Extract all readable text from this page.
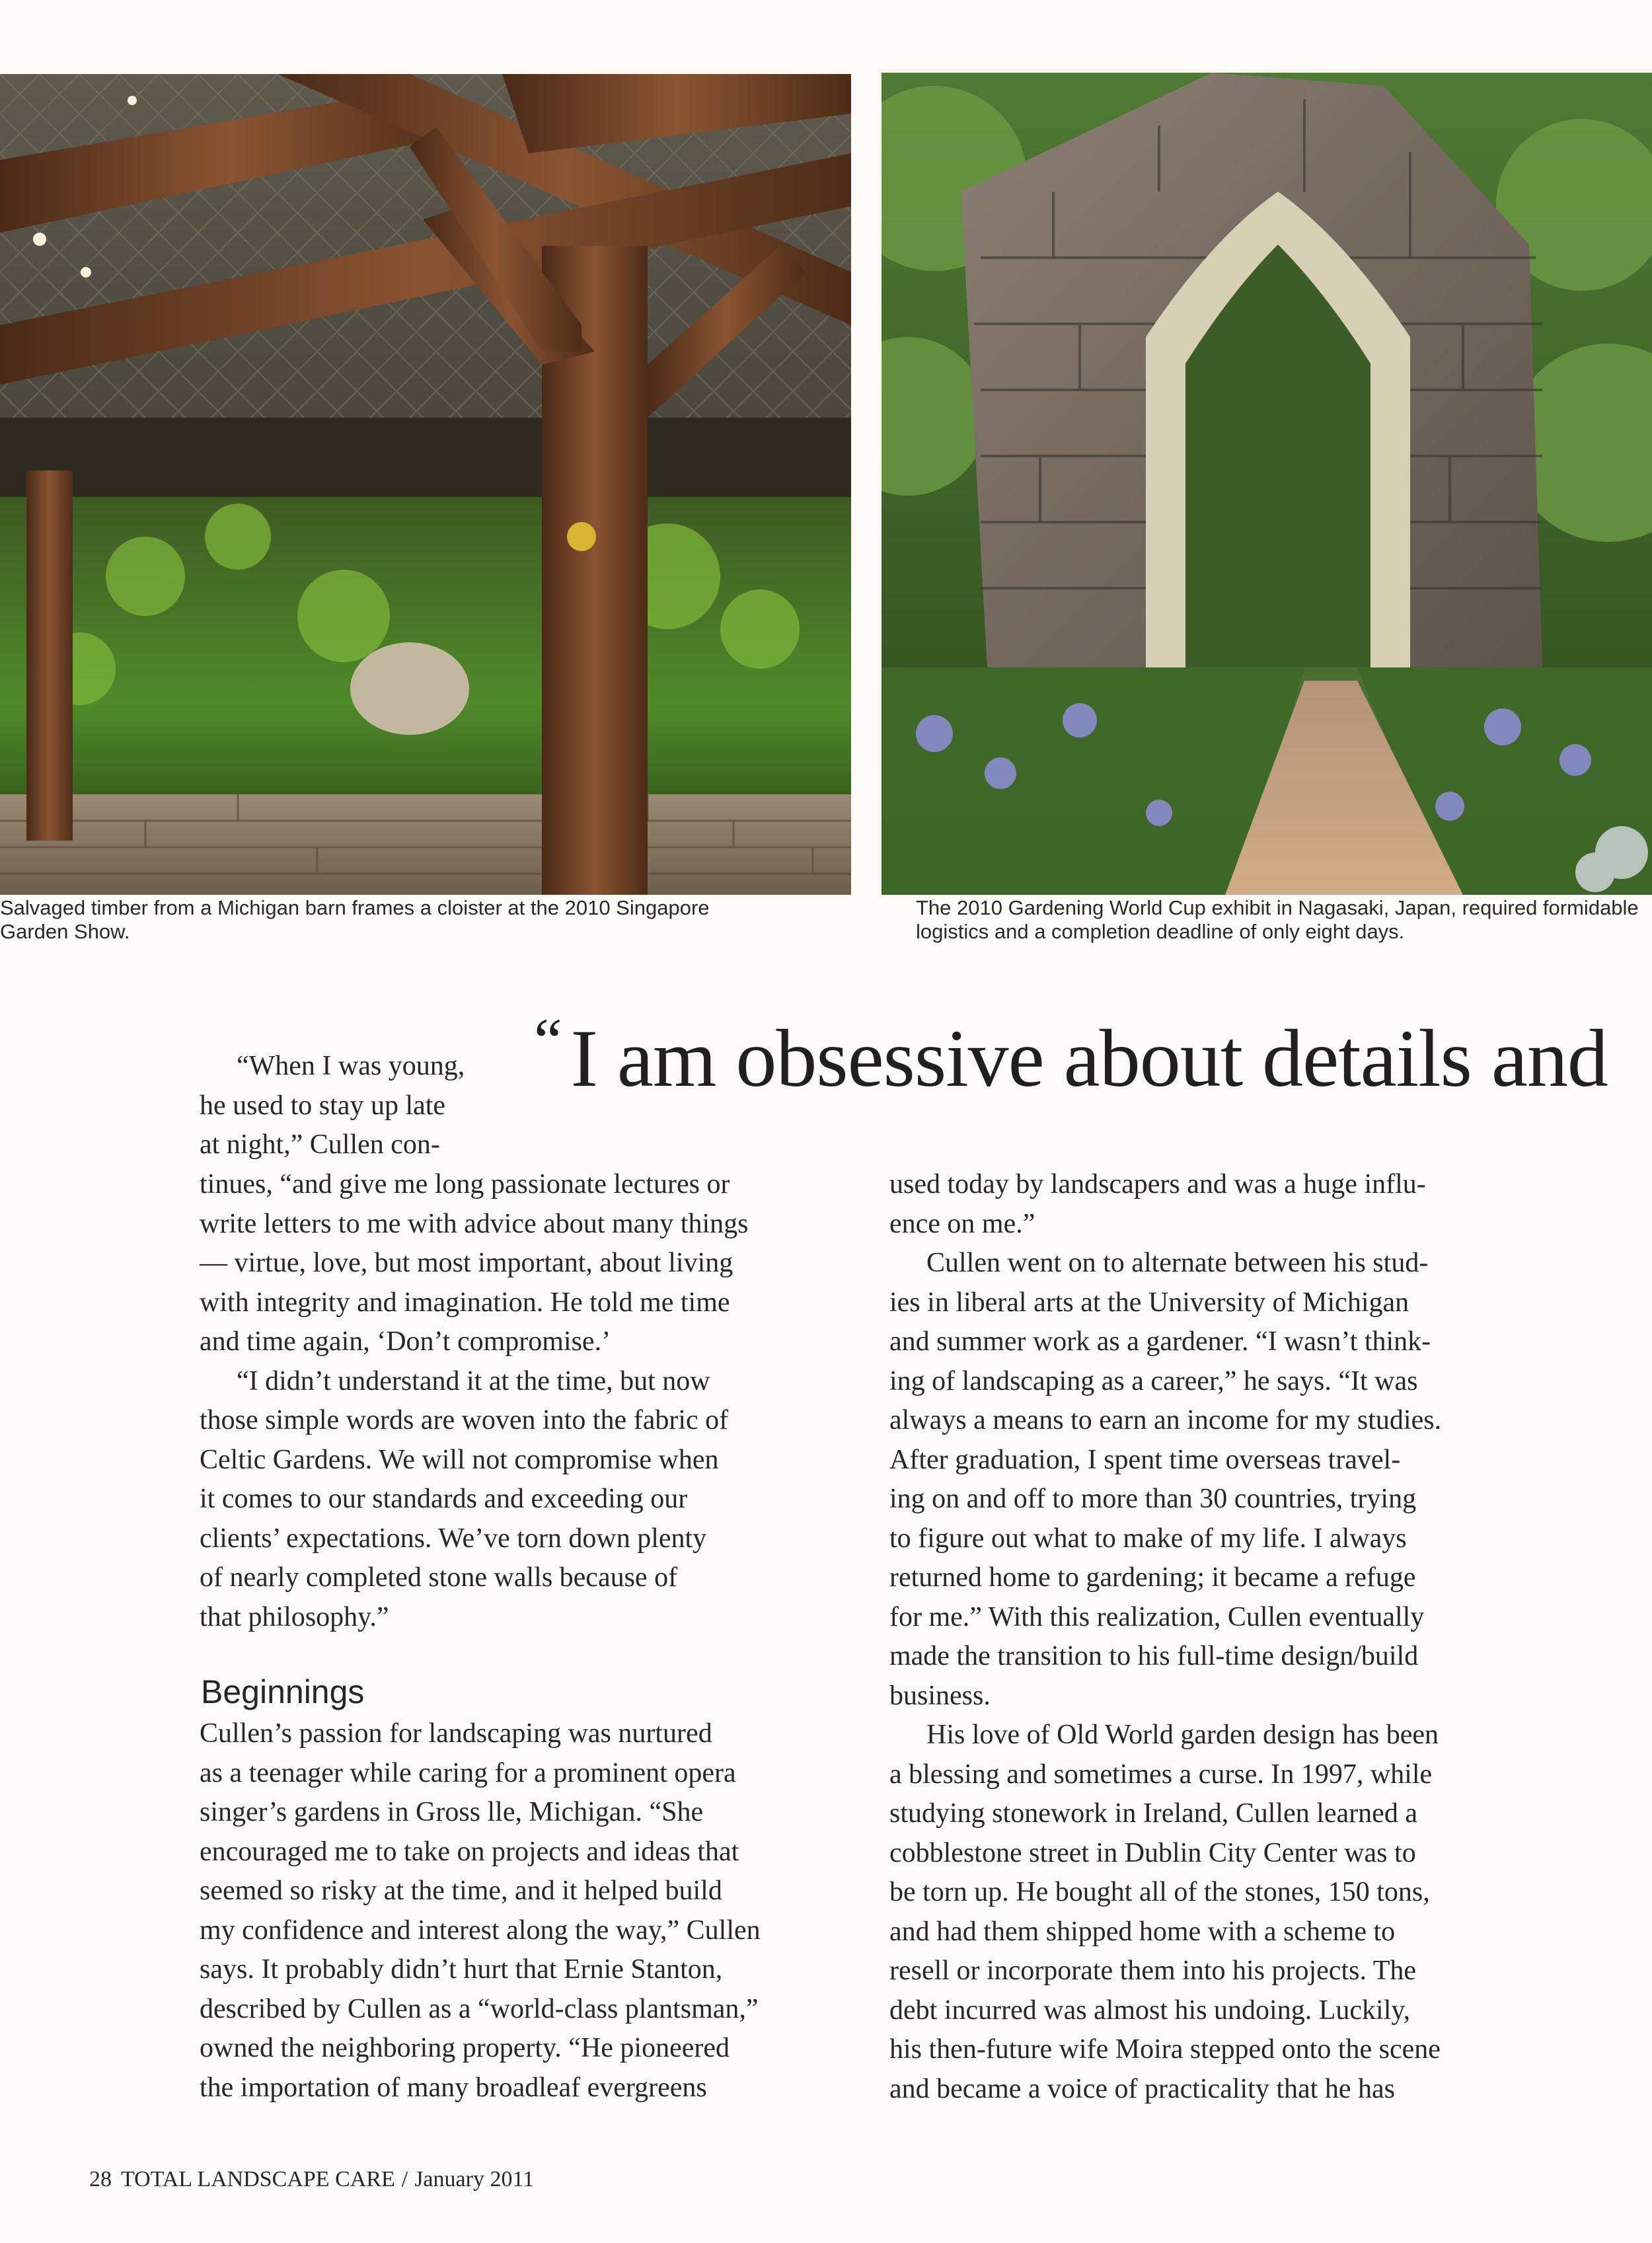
Salvaged timber from a Michigan barn frames a cloister at the 2010 Singapore Garden Show.

The 2010 Gardening World Cup exhibit in Nagasaki, Japan, required formidable logistics and a completion deadline of only eight days.

“ I am obsessive about details and

“When I was young,
he used to stay up late
at night,” Cullen con-
tinues, “and give me long passionate lectures or
write letters to me with advice about many things
— virtue, love, but most important, about living
with integrity and imagination. He told me time
and time again, ‘Don’t compromise.’
“I didn’t understand it at the time, but now
those simple words are woven into the fabric of
Celtic Gardens. We will not compromise when
it comes to our standards and exceeding our
clients’ expectations. We’ve torn down plenty
of nearly completed stone walls because of
that philosophy.”
Beginnings
Cullen’s passion for landscaping was nurtured
as a teenager while caring for a prominent opera
singer’s gardens in Gross lle, Michigan. “She
encouraged me to take on projects and ideas that
seemed so risky at the time, and it helped build
my confidence and interest along the way,” Cullen
says. It probably didn’t hurt that Ernie Stanton,
described by Cullen as a “world-class plantsman,”
owned the neighboring property. “He pioneered
the importation of many broadleaf evergreens
used today by landscapers and was a huge influ-
ence on me.”
Cullen went on to alternate between his stud-
ies in liberal arts at the University of Michigan
and summer work as a gardener. “I wasn’t think-
ing of landscaping as a career,” he says. “It was
always a means to earn an income for my studies.
After graduation, I spent time overseas travel-
ing on and off to more than 30 countries, trying
to figure out what to make of my life. I always
returned home to gardening; it became a refuge
for me.” With this realization, Cullen eventually
made the transition to his full-time design/build
business.
His love of Old World garden design has been
a blessing and sometimes a curse. In 1997, while
studying stonework in Ireland, Cullen learned a
cobblestone street in Dublin City Center was to
be torn up. He bought all of the stones, 150 tons,
and had them shipped home with a scheme to
resell or incorporate them into his projects. The
debt incurred was almost his undoing. Luckily,
his then-future wife Moira stepped onto the scene
and became a voice of practicality that he has

28 TOTAL LANDSCAPE CARE / January 2011
